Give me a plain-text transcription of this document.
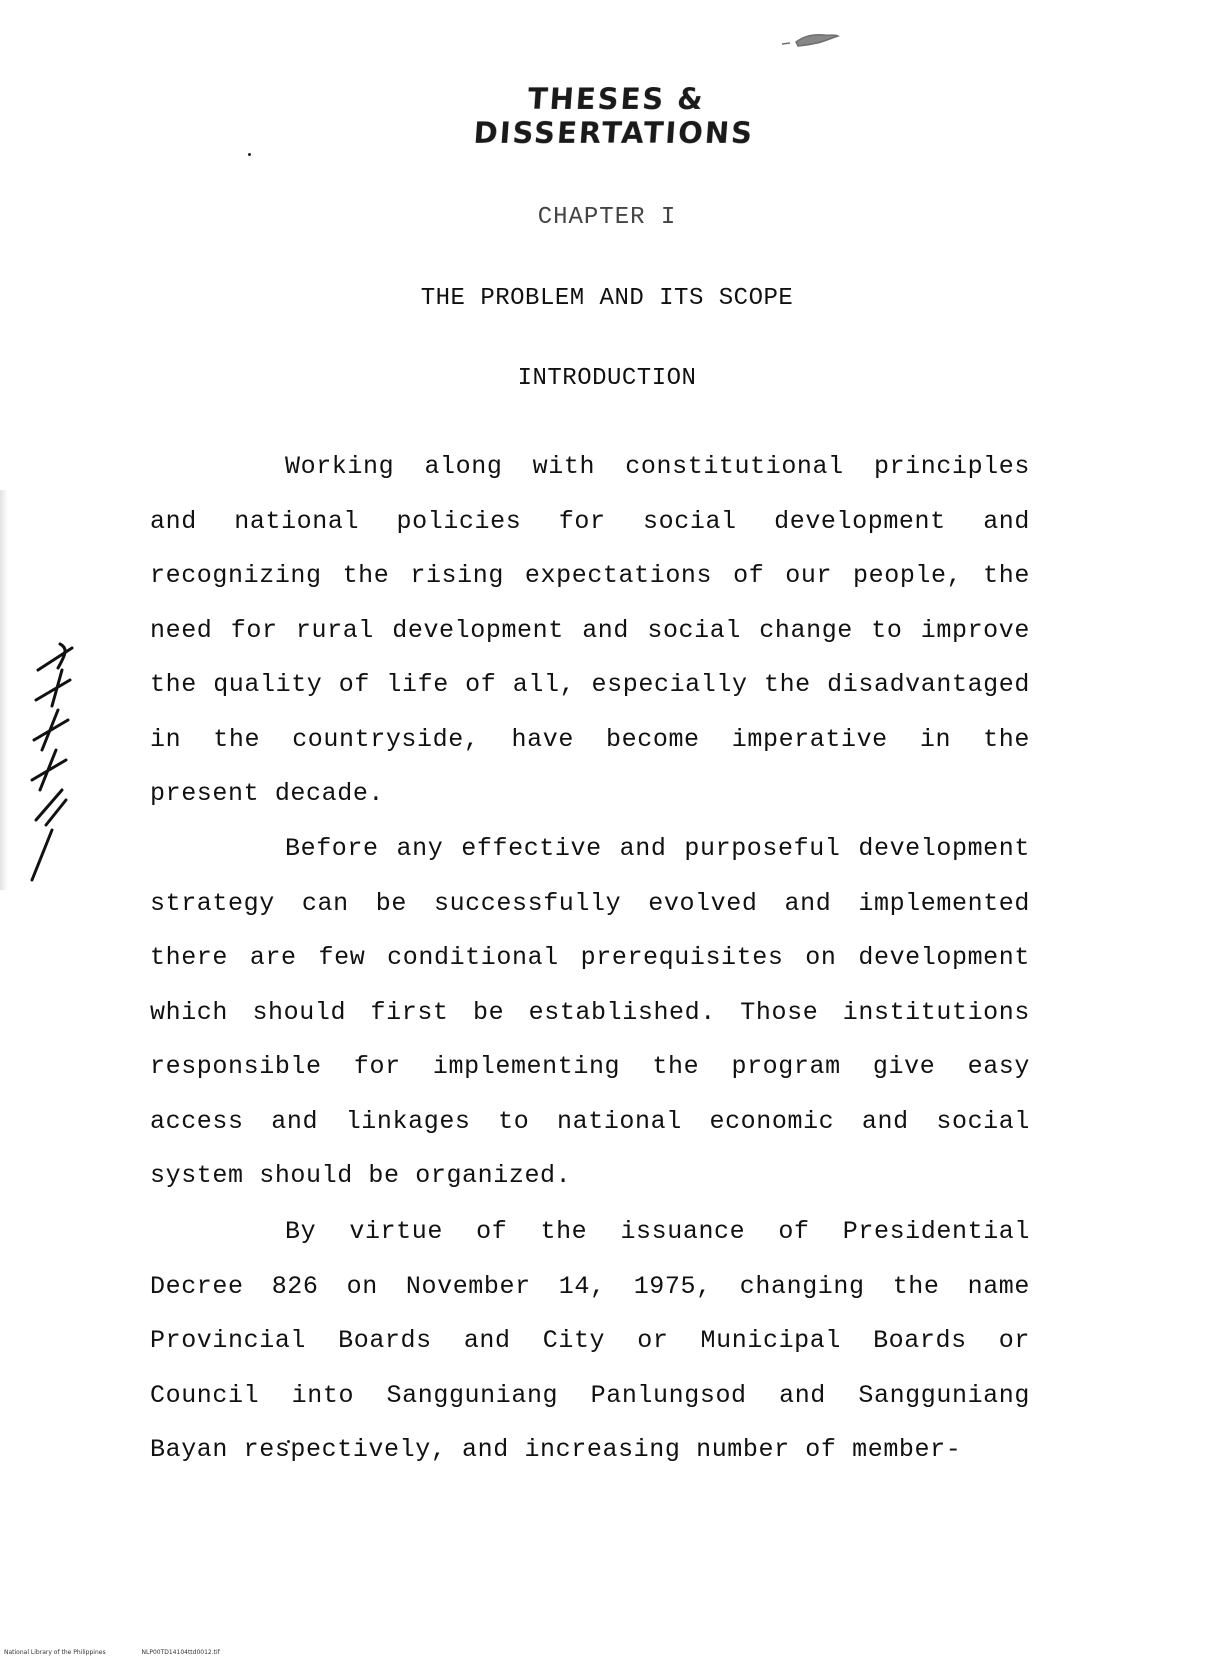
THESES & DISSERTATIONS
CHAPTER I
THE PROBLEM AND ITS SCOPE
INTRODUCTION

Working along with constitutional principles and national policies for social development and recognizing the rising expectations of our people, the need for rural development and social change to improve the quality of life of all, especially the disadvantaged in the countryside, have become imperative in the present decade.

Before any effective and purposeful development strategy can be successfully evolved and implemented there are few conditional prerequisites on development which should first be established. Those institutions responsible for implementing the program give easy access and linkages to national economic and social system should be organized.

By virtue of the issuance of Presidential Decree 826 on November 14, 1975, changing the name Provincial Boards and City or Municipal Boards or Council into Sangguniang Panlungsod and Sangguniang Bayan respectively, and increasing number of member-

National Library of the Philippines	NLP00TD14104ttd0012.tif
